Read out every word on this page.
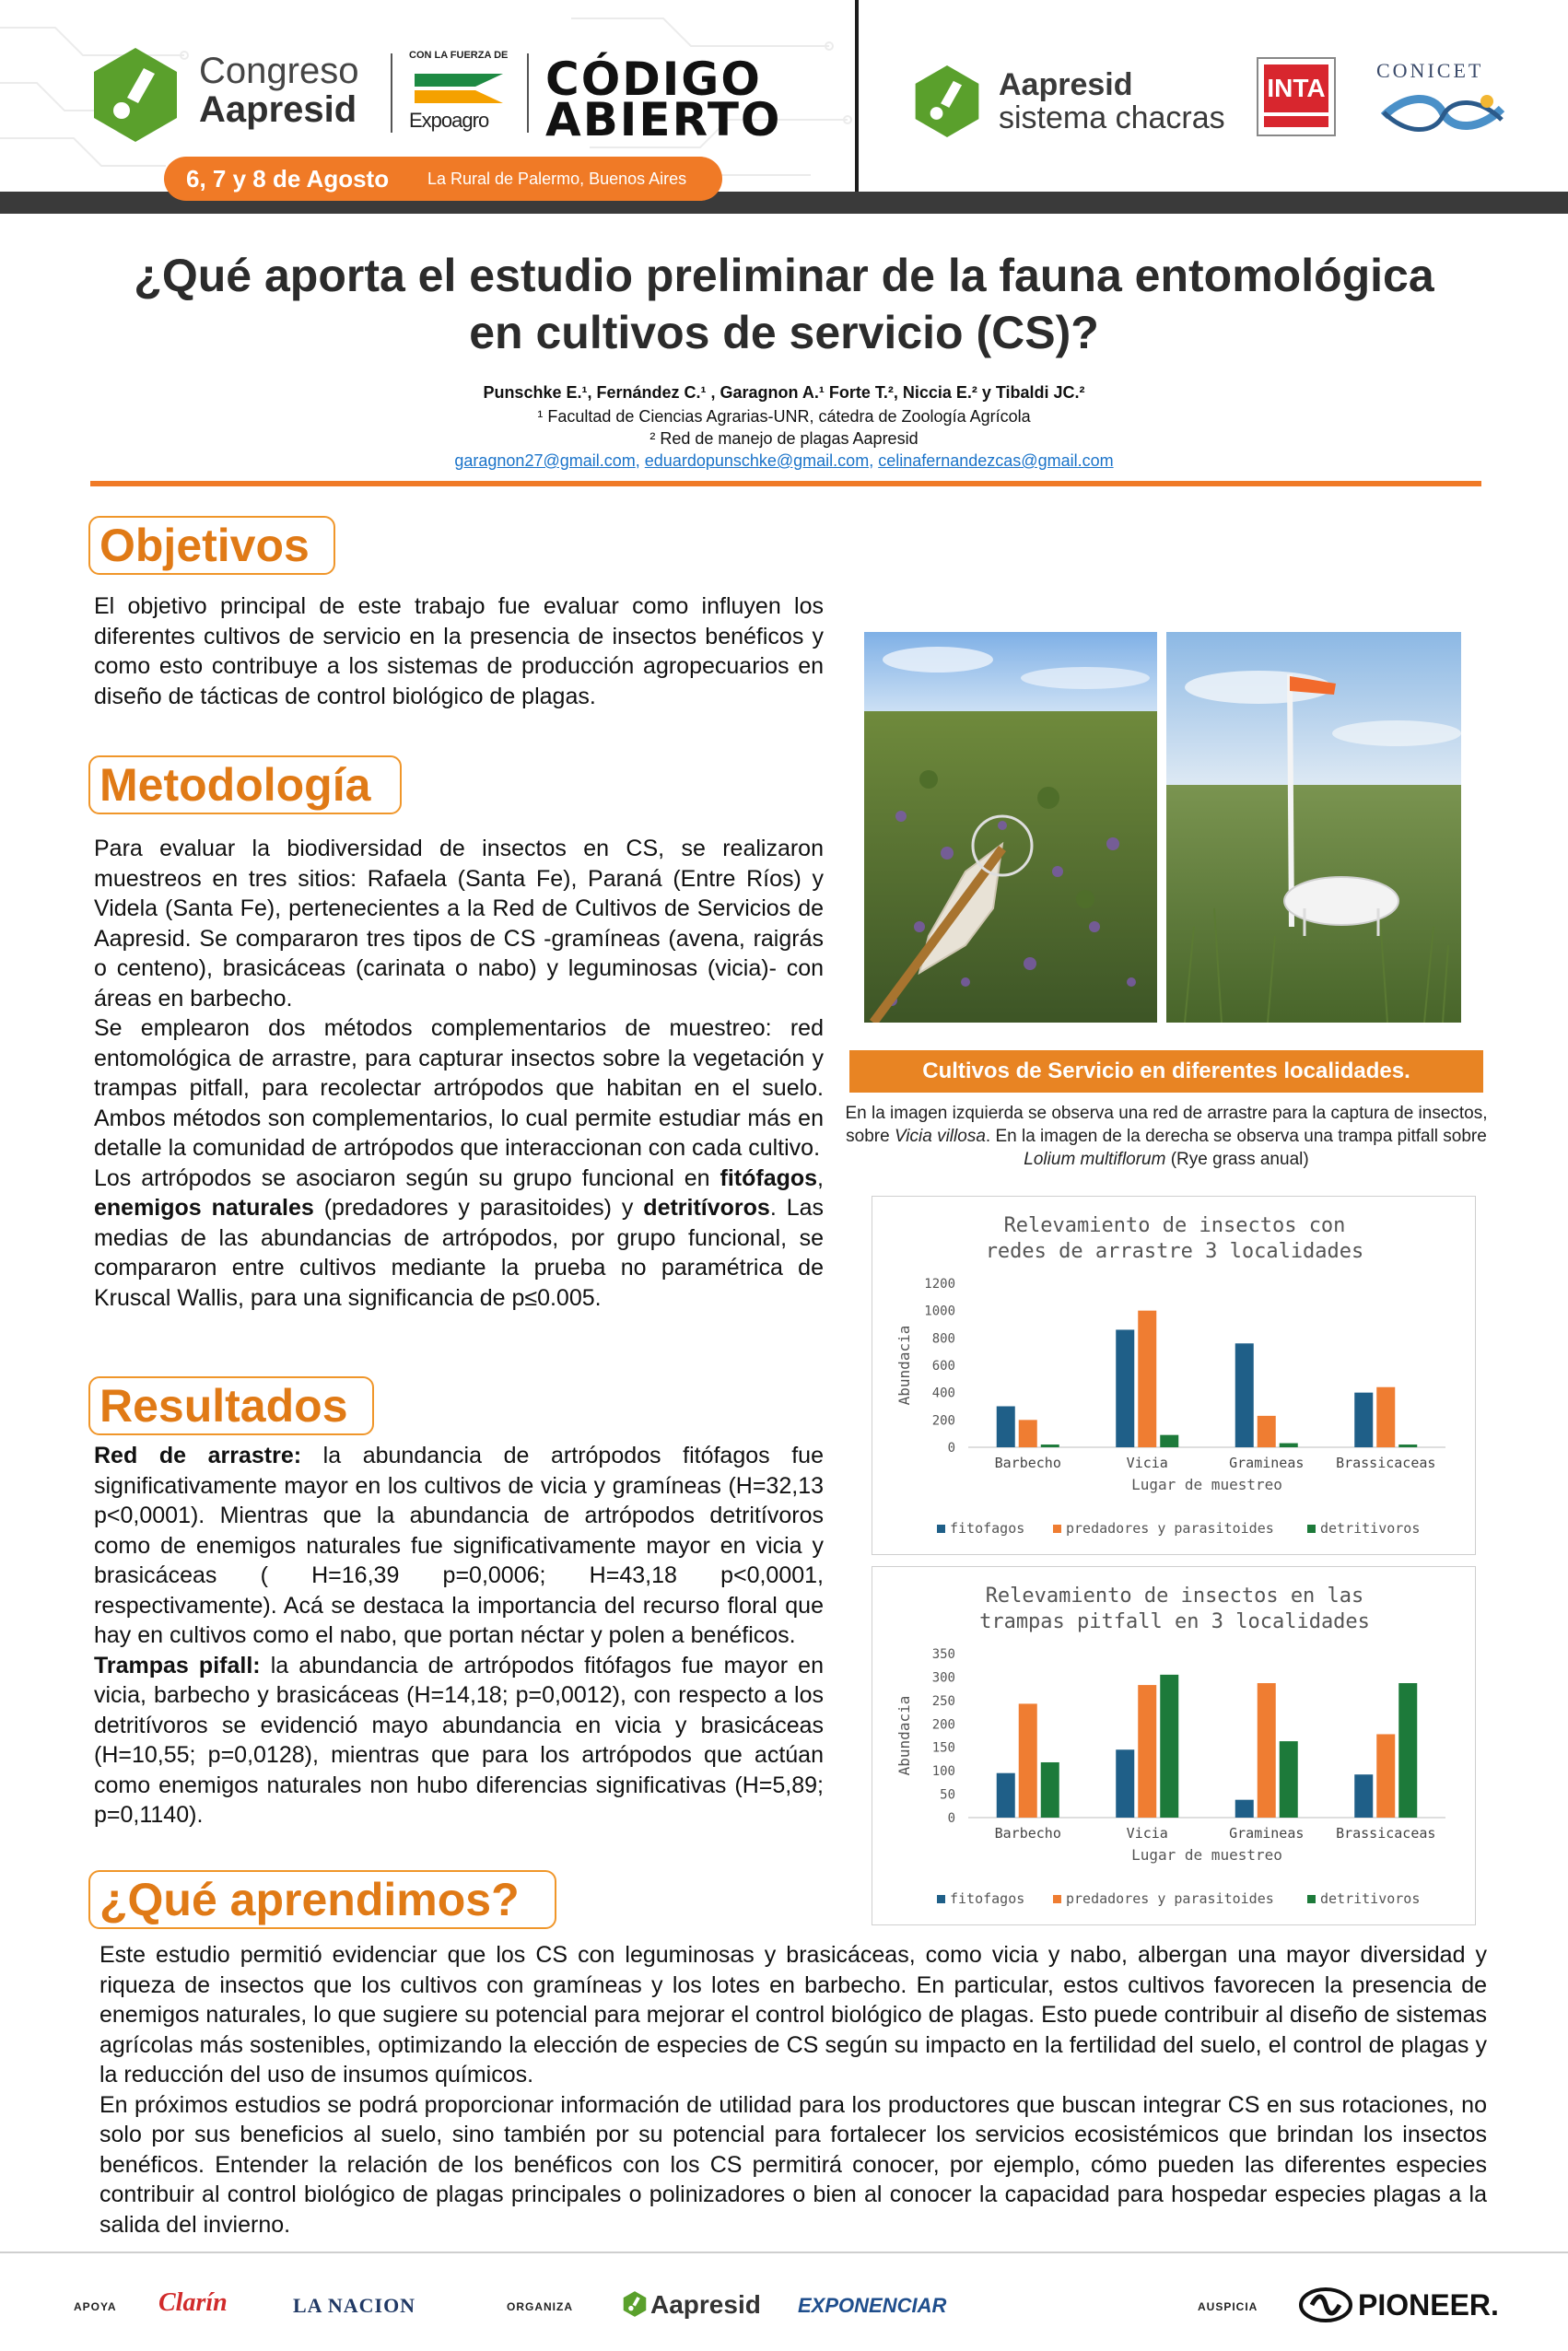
Congreso
Aapresid
CON LA FUERZA DE
Expoagro
CÓDIGO
ABIERTO
6, 7 y 8 de Agosto La Rural de Palermo, Buenos Aires
Aapresid
sistema chacras
INTA
CONICET
¿Qué aporta el estudio preliminar de la fauna entomológica
en cultivos de servicio (CS)?
Punschke E.¹, Fernández C.¹ , Garagnon A.¹ Forte T.², Niccia E.² y Tibaldi JC.²
¹ Facultad de Ciencias Agrarias-UNR, cátedra de Zoología Agrícola
² Red de manejo de plagas Aapresid
garagnon27@gmail.com, eduardopunschke@gmail.com, celinafernandezcas@gmail.com
Objetivos

El objetivo principal de este trabajo fue evaluar como influyen los diferentes cultivos de servicio en la presencia de insectos benéficos y como esto contribuye a los sistemas de producción agropecuarios en diseño de tácticas de control biológico de plagas.

Metodología

Para evaluar la biodiversidad de insectos en CS, se realizaron muestreos en tres sitios: Rafaela (Santa Fe), Paraná (Entre Ríos) y Videla (Santa Fe), pertenecientes a la Red de Cultivos de Servicios de Aapresid. Se compararon tres tipos de CS -gramíneas (avena, raigrás o centeno), brasicáceas (carinata o nabo) y leguminosas (vicia)- con áreas en barbecho.

Se emplearon dos métodos complementarios de muestreo: red entomológica de arrastre, para capturar insectos sobre la vegetación y trampas pitfall, para recolectar artrópodos que habitan en el suelo. Ambos métodos son complementarios, lo cual permite estudiar más en detalle la comunidad de artrópodos que interaccionan con cada cultivo.

Los artrópodos se asociaron según su grupo funcional en fitófagos, enemigos naturales (predadores y parasitoides) y detritívoros. Las medias de las abundancias de artrópodos, por grupo funcional, se compararon entre cultivos mediante la prueba no paramétrica de Kruscal Wallis, para una significancia de p≤0.005.

Resultados

Red de arrastre: la abundancia de artrópodos fitófagos fue significativamente mayor en los cultivos de vicia y gramíneas (H=32,13 p<0,0001). Mientras que la abundancia de artrópodos detritívoros como de enemigos naturales fue significativamente mayor en vicia y brasicáceas ( H=16,39 p=0,0006; H=43,18 p<0,0001, respectivamente). Acá se destaca la importancia del recurso floral que hay en cultivos como el nabo, que portan néctar y polen a benéficos.

Trampas pifall: la abundancia de artrópodos fitófagos fue mayor en vicia, barbecho y brasicáceas (H=14,18; p=0,0012), con respecto a los detritívoros se evidenció mayo abundancia en vicia y brasicáceas (H=10,55; p=0,0128), mientras que para los artrópodos que actúan como enemigos naturales non hubo diferencias significativas (H=5,89; p=0,1140).

¿Qué aprendimos?

Este estudio permitió evidenciar que los CS con leguminosas y brasicáceas, como vicia y nabo, albergan una mayor diversidad y riqueza de insectos que los cultivos con gramíneas y los lotes en barbecho. En particular, estos cultivos favorecen la presencia de enemigos naturales, lo que sugiere su potencial para mejorar el control biológico de plagas. Esto puede contribuir al diseño de sistemas agrícolas más sostenibles, optimizando la elección de especies de CS según su impacto en la fertilidad del suelo, el control de plagas y la reducción del uso de insumos químicos.

En próximos estudios se podrá proporcionar información de utilidad para los productores que buscan integrar CS en sus rotaciones, no solo por sus beneficios al suelo, sino también por su potencial para fortalecer los servicios ecosistémicos que brindan los insectos benéficos. Entender la relación de los benéficos con los CS permitirá conocer, por ejemplo, cómo pueden las diferentes especies contribuir al control biológico de plagas principales o polinizadores o bien al conocer la capacidad para hospedar especies plagas a la salida del invierno.

Cultivos de Servicio en diferentes localidades.
En la imagen izquierda se observa una red de arrastre para la captura de insectos, sobre Vicia villosa. En la imagen de la derecha se observa una trampa pitfall sobre Lolium multiflorum (Rye grass anual)
Relevamiento de insectos con
redes de arrastre 3 localidades
0
200
400
600
800
1000
1200
Abundacia
Barbecho	Vicia	Gramineas Brassicaceas
Lugar de muestreo
fitofagos	predadores y parasitoides	detritivoros
Relevamiento de insectos en las
trampas pitfall en 3 localidades
0
50
100
150
200
250
300
350
Abundacia
Barbecho	Vicia	Gramineas Brassicaceas
Lugar de muestreo
fitofagos	predadores y parasitoides	detritivoros
APOYA Clarín	LA NACION	ORGANIZA	Aapresid EXPONENCIAR	AUSPICIA	PIONEER.
